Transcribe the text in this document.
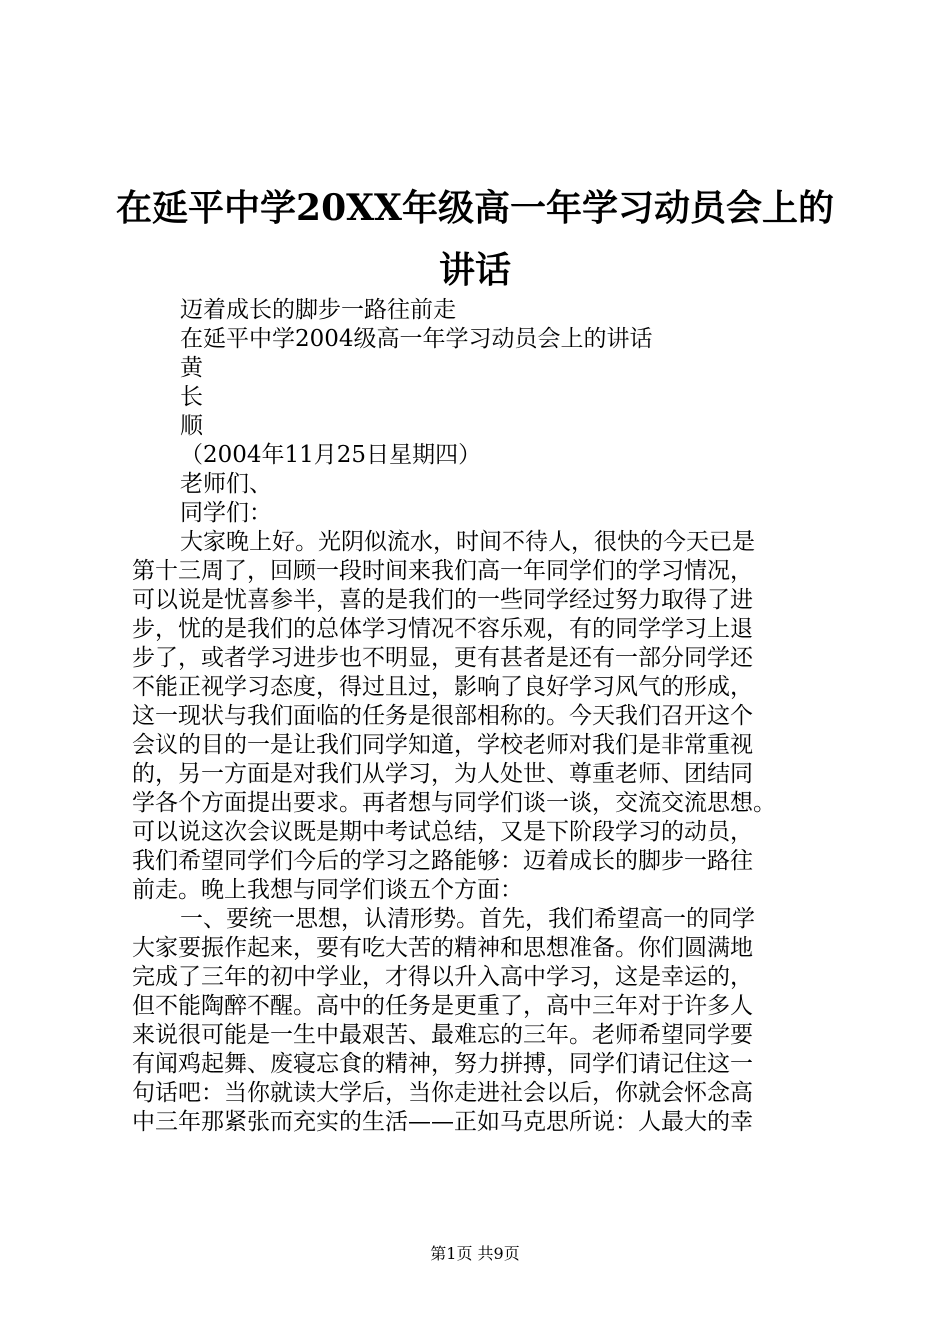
在延平中学20XX年级高一年学习动员会上的
讲话
迈着成长的脚步一路往前走
在延平中学2004级高一年学习动员会上的讲话
黄
长
顺
（2004年11月25日星期四）
老师们、
同学们：
大家晚上好。光阴似流水，时间不待人，很快的今天已是
第十三周了，回顾一段时间来我们高一年同学们的学习情况，
可以说是忧喜参半，喜的是我们的一些同学经过努力取得了进
步，忧的是我们的总体学习情况不容乐观，有的同学学习上退
步了，或者学习进步也不明显，更有甚者是还有一部分同学还
不能正视学习态度，得过且过，影响了良好学习风气的形成，
这一现状与我们面临的任务是很部相称的。今天我们召开这个
会议的目的一是让我们同学知道，学校老师对我们是非常重视
的，另一方面是对我们从学习，为人处世、尊重老师、团结同
学各个方面提出要求。再者想与同学们谈一谈，交流交流思想。
可以说这次会议既是期中考试总结，又是下阶段学习的动员，
我们希望同学们今后的学习之路能够：迈着成长的脚步一路往
前走。晚上我想与同学们谈五个方面：
一、要统一思想，认清形势。首先，我们希望高一的同学
大家要振作起来，要有吃大苦的精神和思想准备。你们圆满地
完成了三年的初中学业，才得以升入高中学习，这是幸运的，
但不能陶醉不醒。高中的任务是更重了，高中三年对于许多人
来说很可能是一生中最艰苦、最难忘的三年。老师希望同学要
有闻鸡起舞、废寝忘食的精神，努力拼搏，同学们请记住这一
句话吧：当你就读大学后，当你走进社会以后，你就会怀念高
中三年那紧张而充实的生活——正如马克思所说：人最大的幸
第1页 共9页
